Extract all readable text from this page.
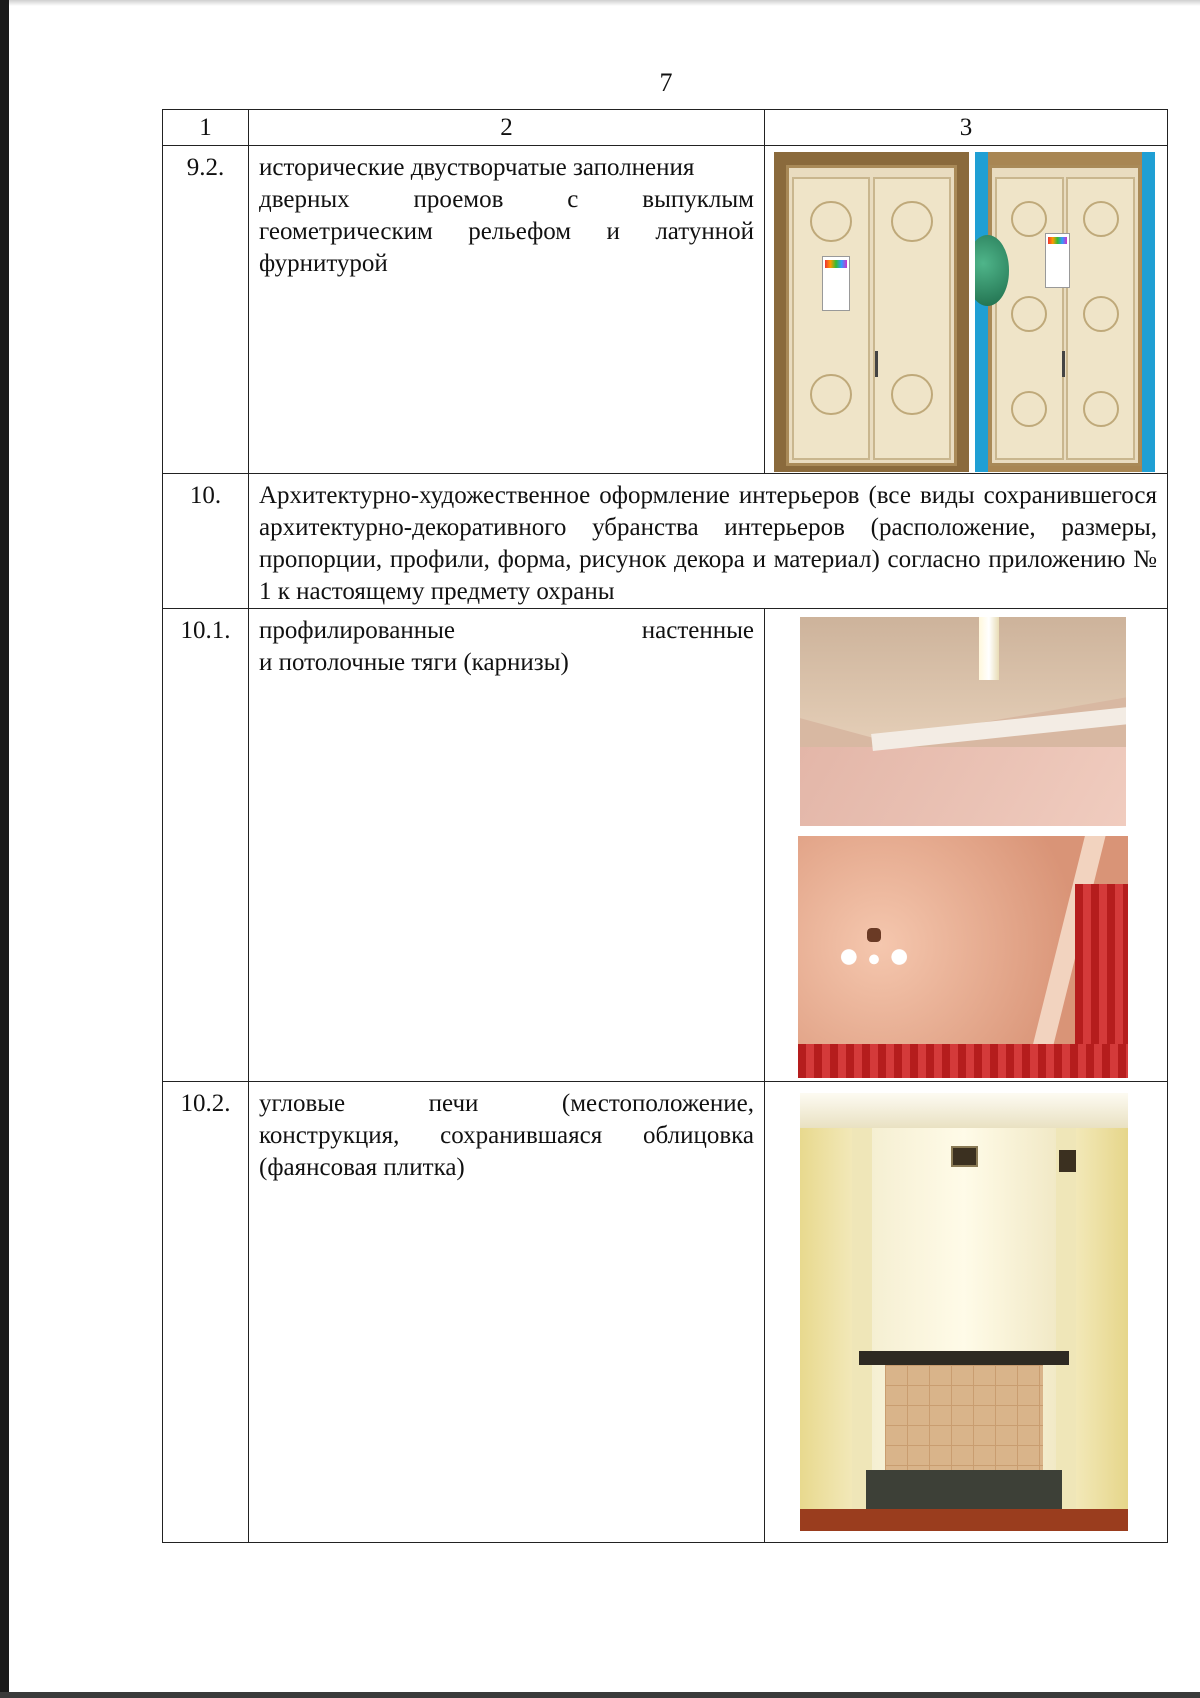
7
1	2	3
9.2.	исторические двустворчатые заполнения
дверных проемов с выпуклым
геометрическим рельефом и латунной
фурнитурой	

10.	Архитектурно-художественное оформление интерьеров (все виды сохранившегося архитектурно-декоративного убранства интерьеров (расположение, размеры, пропорции, профили, форма, рисунок декора и материал) согласно приложению № 1 к настоящему предмету охраны	
10.1.	профилированные настенные
и потолочные тяги (карнизы)	

10.2.	угловые печи (местоположение,
конструкция, сохранившаяся облицовка
(фаянсовая плитка)	
